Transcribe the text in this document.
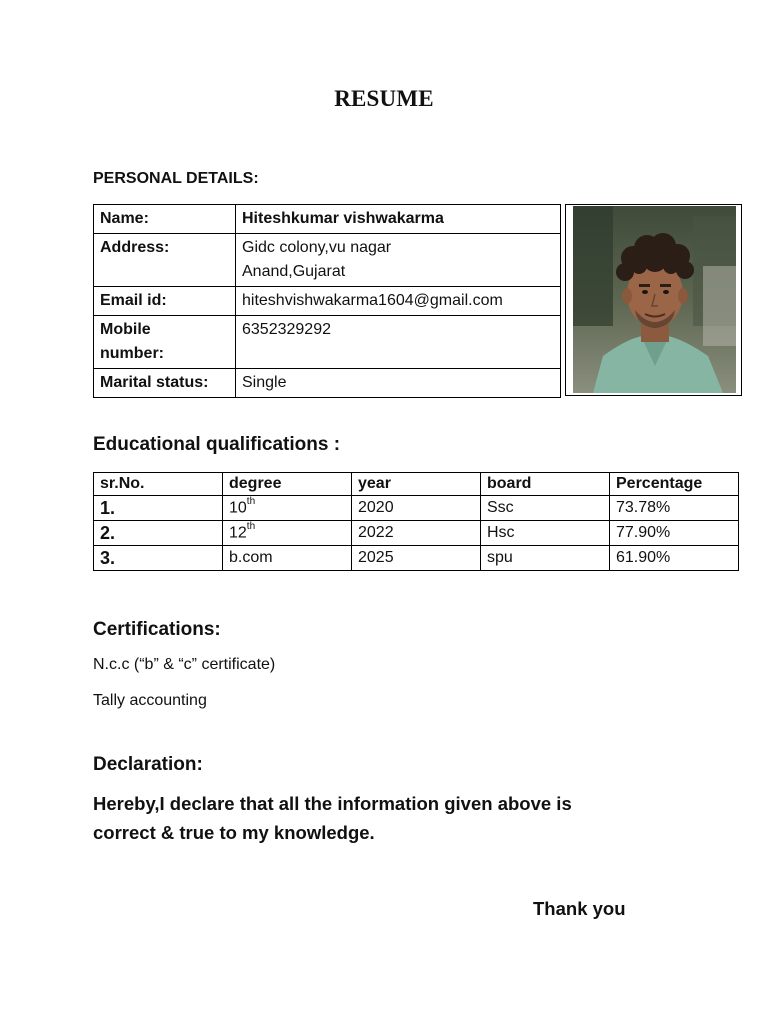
RESUME
PERSONAL DETAILS:
Name:	Hiteshkumar vishwakarma
Address:	Gidc colony,vu nagar
Anand,Gujarat

Email id:	hiteshvishwakarma1604@gmail.com

Mobile
number:	6352329292
Marital status:	Single
Educational qualifications :
sr.No.	degree	year	board	Percentage
1.	10th	2020	Ssc	73.78%
2.	12th	2022	Hsc	77.90%
3.	b.com	2025	spu	61.90%
Certifications:
N.c.c (“b” & “c” certificate)
Tally accounting
Declaration:
Hereby,I declare that all the information given above is
correct & true to my knowledge.
Thank you
